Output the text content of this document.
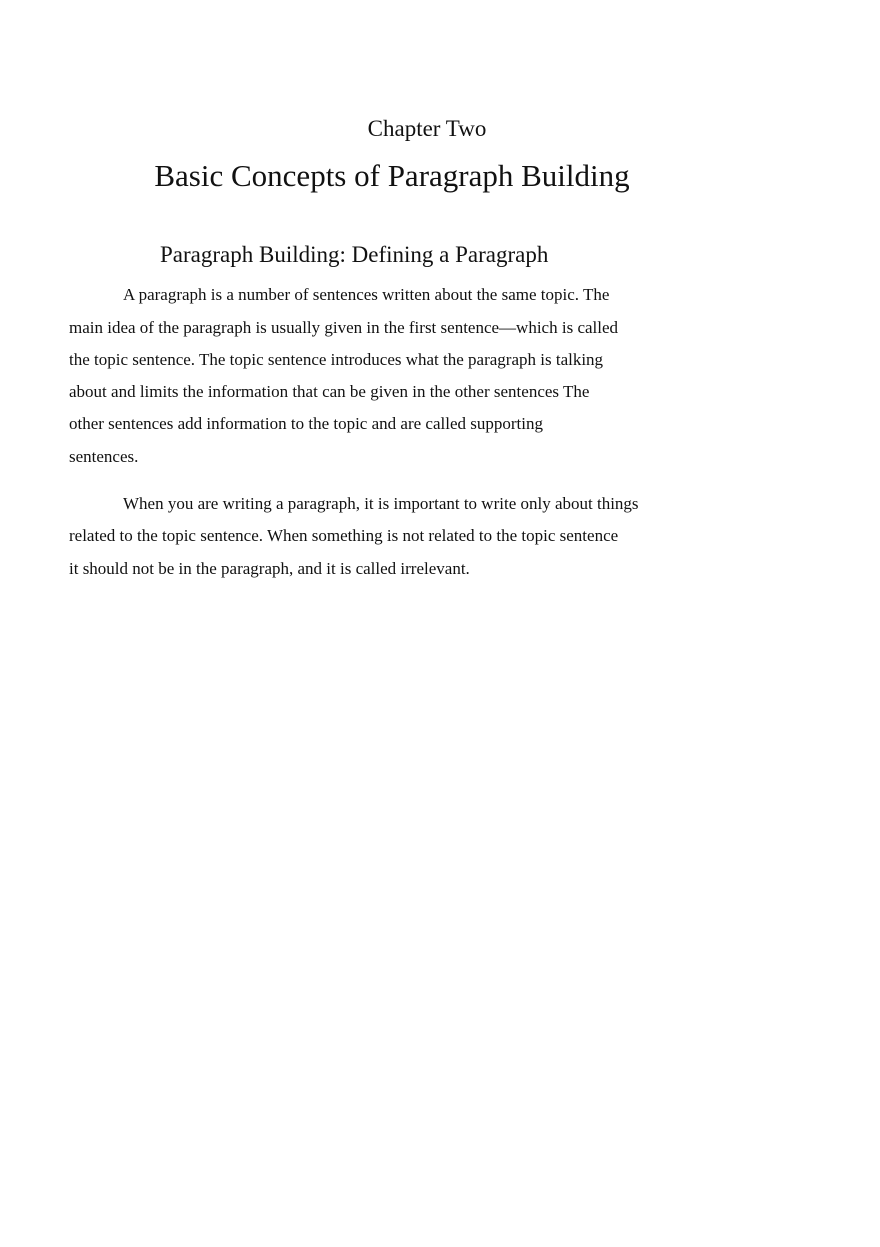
Chapter Two
Basic Concepts of Paragraph Building
Paragraph Building: Defining a Paragraph
A paragraph is a number of sentences written about the same topic. The
main idea of the paragraph is usually given in the first sentence—which is called
the topic sentence. The topic sentence introduces what the paragraph is talking
about and limits the information that can be given in the other sentences The
other sentences add information to the topic and are called supporting
sentences.
When you are writing a paragraph, it is important to write only about things
related to the topic sentence. When something is not related to the topic sentence
it should not be in the paragraph, and it is called irrelevant.
